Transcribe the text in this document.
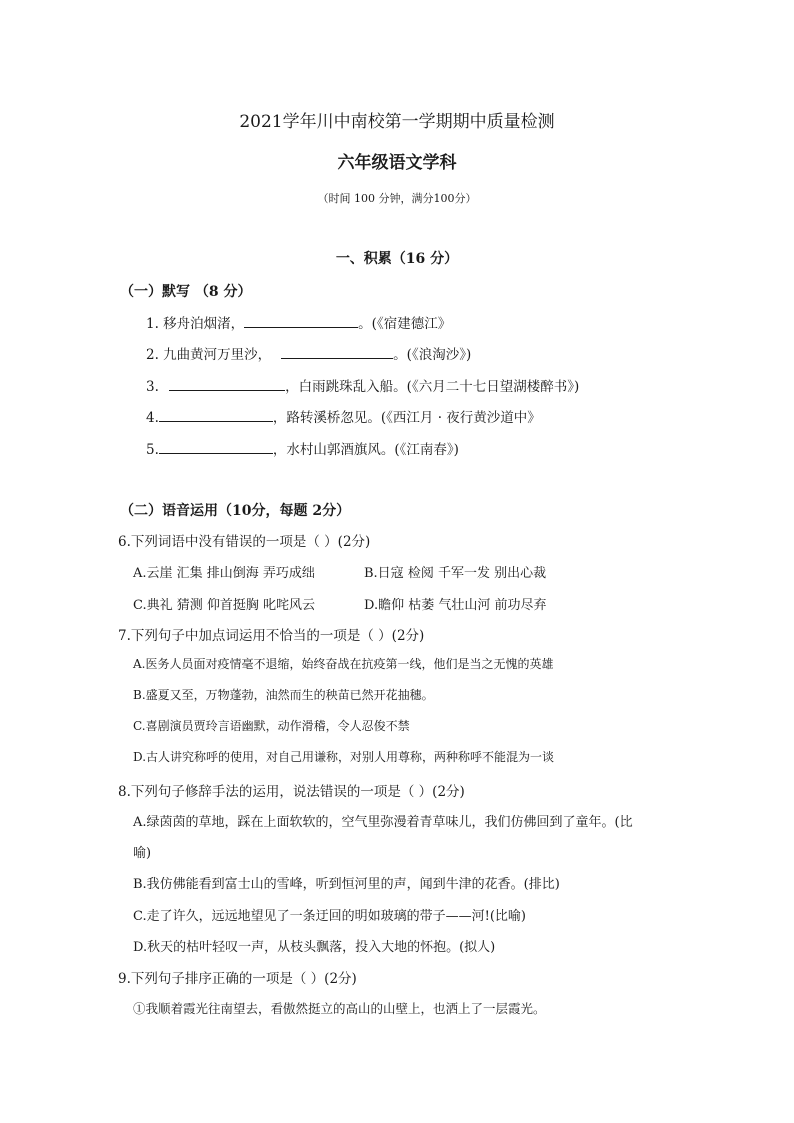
2021学年川中南校第一学期期中质量检测
六年级语文学科
（时间 100 分钟，满分100分）
一、积累（16 分）
（一）默写 （8 分）
1. 移舟泊烟渚，	。(《宿建德江》
2. 九曲黄河万里沙，	。(《浪淘沙》)
3.	，白雨跳珠乱入船。(《六月二十七日望湖楼醉书》)
4.	，路转溪桥忽见。(《西江月 · 夜行黄沙道中》
5.	，水村山郭酒旗风。(《江南春》)
（二）语音运用（10分，每题 2分）
6.下列词语中没有错误的一项是（ ）(2分)
A.云崖 汇集 排山倒海 弄巧成绌	B.日寇 检阅 千军一发 别出心裁
C.典礼 猜测 仰首挺胸 叱咤风云	D.瞻仰 枯萎 气壮山河 前功尽弃
7.下列句子中加点词运用不恰当的一项是（ ）(2分)
A.医务人员面对疫情毫不退缩，始终奋战在抗疫第一线，他们是当之无愧的英雄
B.盛夏又至，万物蓬勃，油然而生的秧苗已然开花抽穗。
C.喜剧演员贾玲言语幽默，动作滑稽，令人忍俊不禁
D.古人讲究称呼的使用，对自己用谦称，对别人用尊称，两种称呼不能混为一谈
8.下列句子修辞手法的运用，说法错误的一项是（ ）(2分)
A.绿茵茵的草地，踩在上面软软的，空气里弥漫着青草味儿，我们仿佛回到了童年。(比
喻)
B.我仿佛能看到富士山的雪峰，听到恒河里的声，闻到牛津的花香。(排比)
C.走了许久，远远地望见了一条迂回的明如玻璃的带子——河!(比喻)
D.秋天的枯叶轻叹一声，从枝头飘落，投入大地的怀抱。(拟人)
9.下列句子排序正确的一项是（ ）(2分)
①我顺着霞光往南望去，看傲然挺立的高山的山壁上，也洒上了一层霞光。
